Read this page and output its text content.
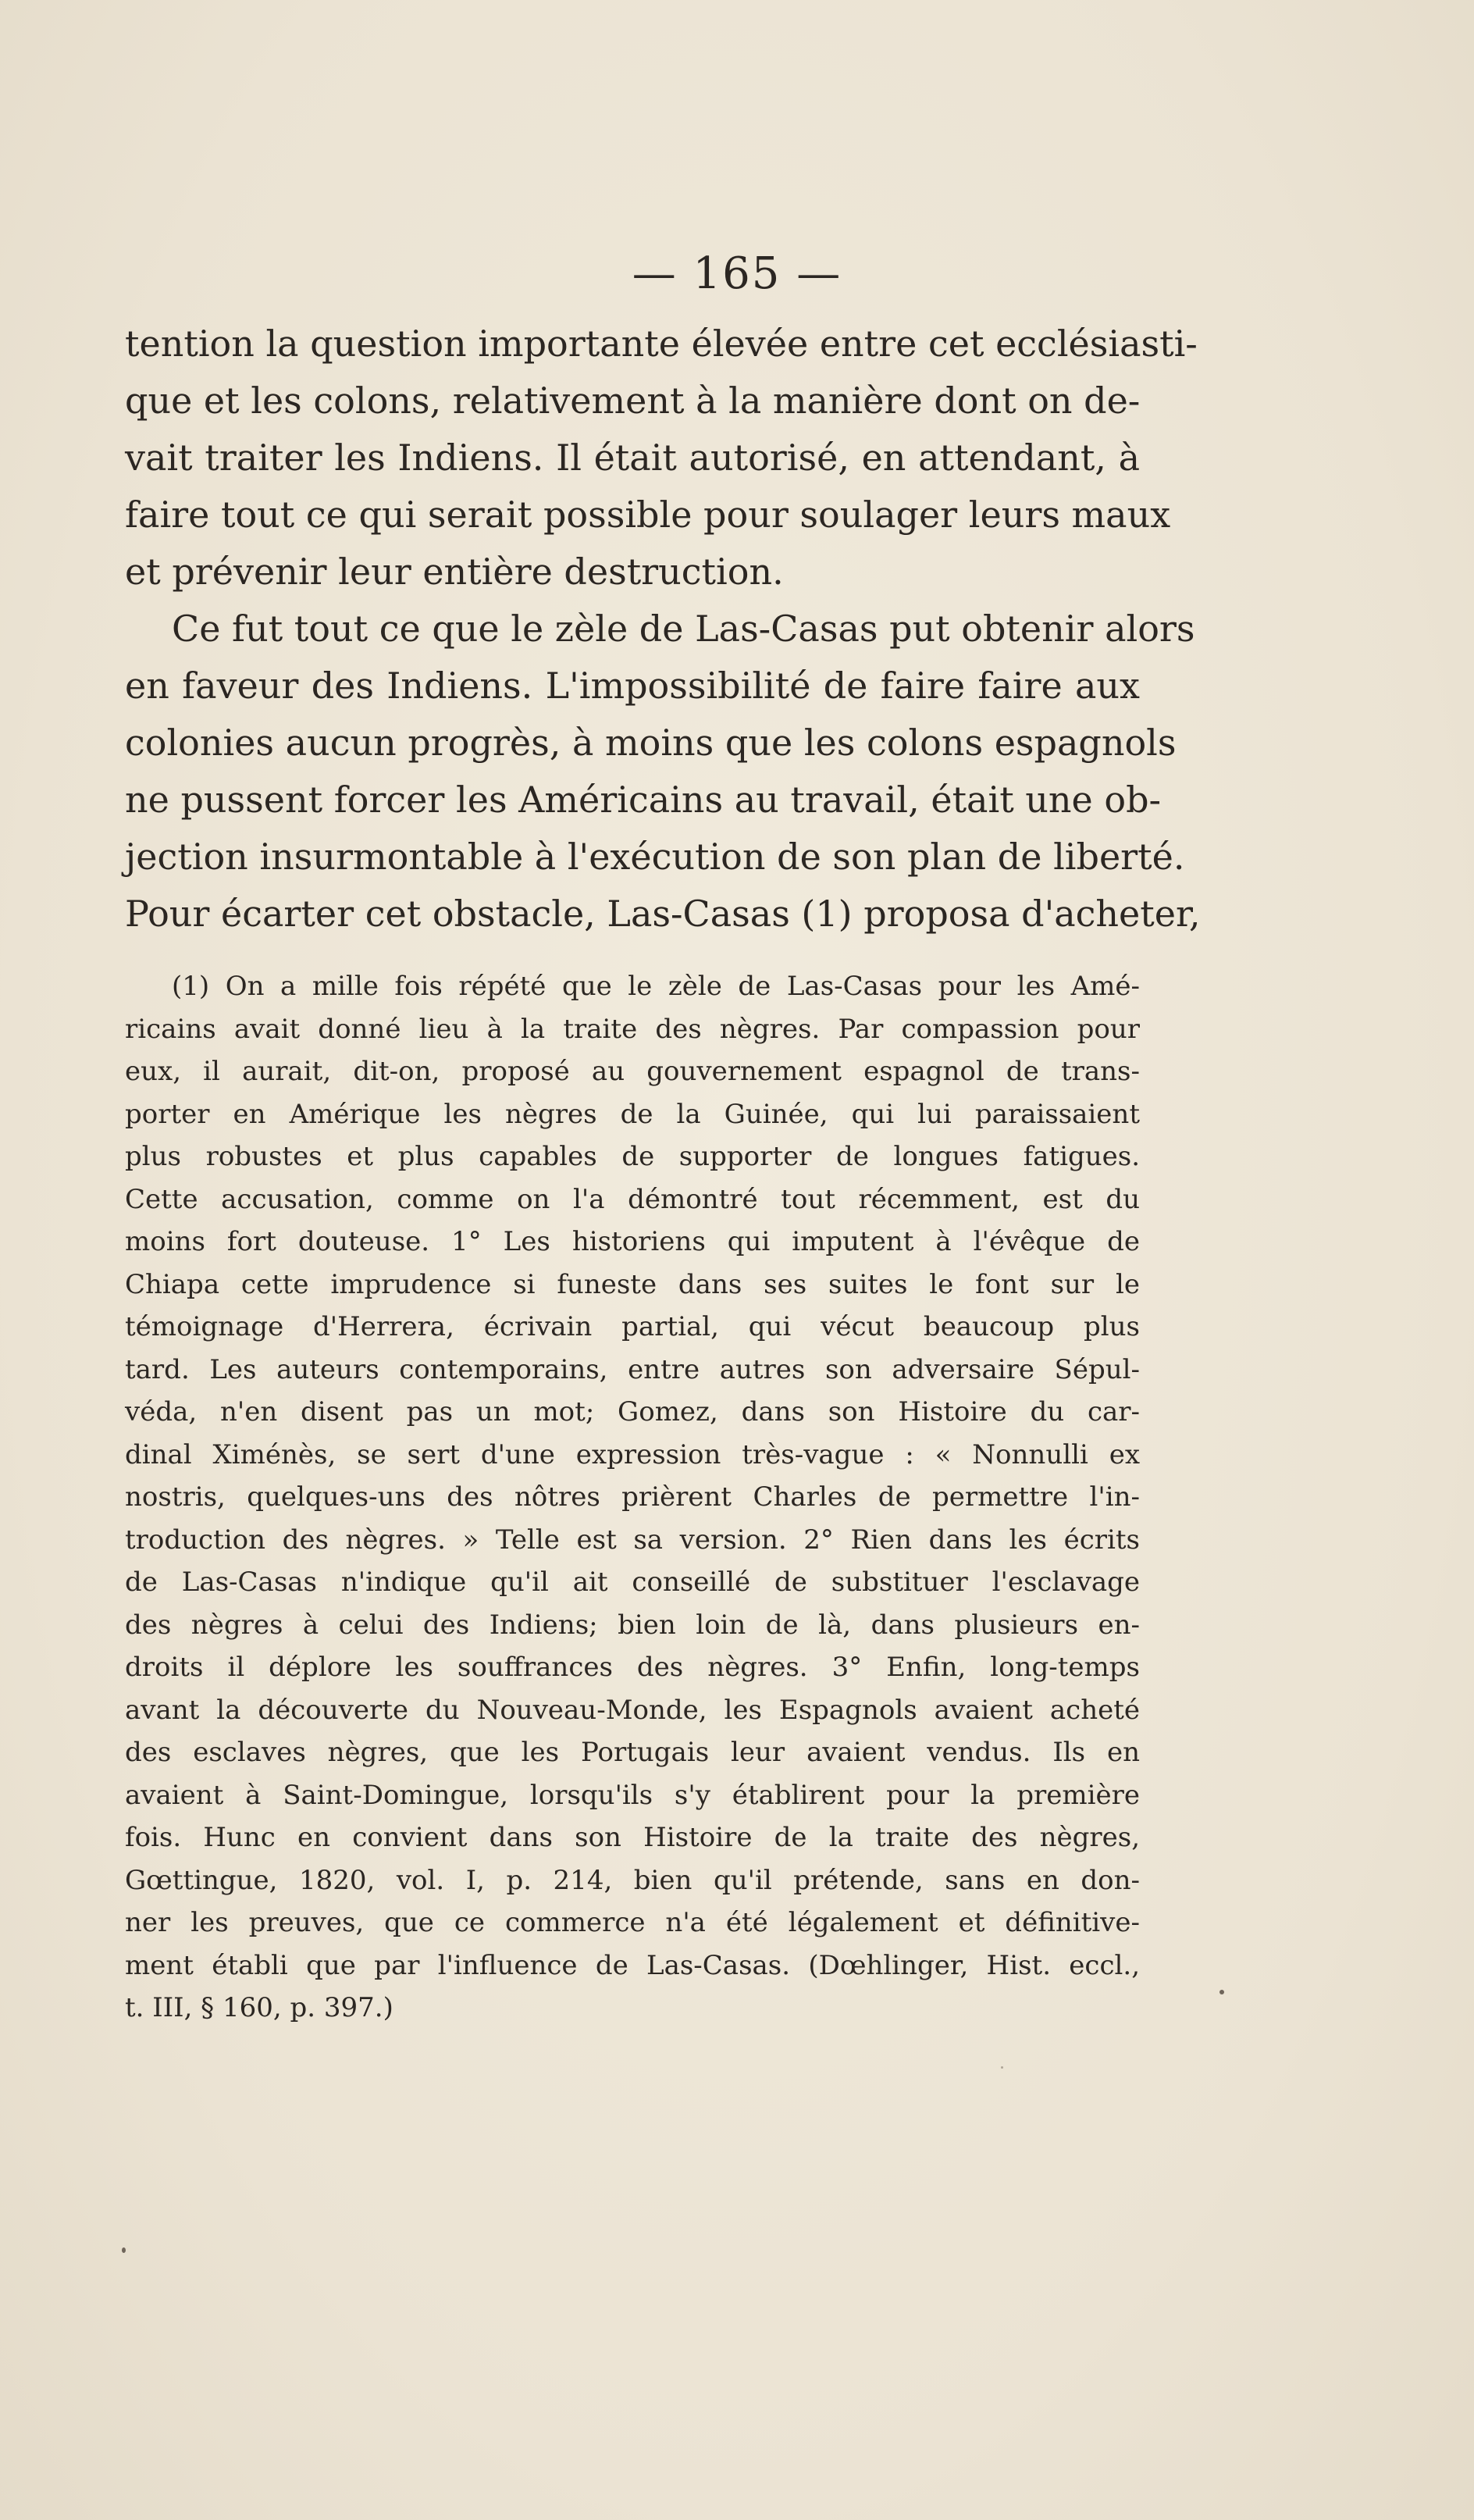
— 165 —
tention la question importante élevée entre cet ecclésiasti-
que et les colons, relativement à la manière dont on de-
vait traiter les Indiens. Il était autorisé, en attendant, à
faire tout ce qui serait possible pour soulager leurs maux
et prévenir leur entière destruction.
Ce fut tout ce que le zèle de Las-Casas put obtenir alors
en faveur des Indiens. L'impossibilité de faire faire aux
colonies aucun progrès, à moins que les colons espagnols
ne pussent forcer les Américains au travail, était une ob-
jection insurmontable à l'exécution de son plan de liberté.
Pour écarter cet obstacle, Las-Casas (1) proposa d'acheter,
(1) On a mille fois répété que le zèle de Las-Casas pour les Amé-
ricains avait donné lieu à la traite des nègres. Par compassion pour
eux, il aurait, dit-on, proposé au gouvernement espagnol de trans-
porter en Amérique les nègres de la Guinée, qui lui paraissaient
plus robustes et plus capables de supporter de longues fatigues.
Cette accusation, comme on l'a démontré tout récemment, est du
moins fort douteuse. 1° Les historiens qui imputent à l'évêque de
Chiapa cette imprudence si funeste dans ses suites le font sur le
témoignage d'Herrera, écrivain partial, qui vécut beaucoup plus
tard. Les auteurs contemporains, entre autres son adversaire Sépul-
véda, n'en disent pas un mot; Gomez, dans son Histoire du car-
dinal Ximénès, se sert d'une expression très-vague : « Nonnulli ex
nostris, quelques-uns des nôtres prièrent Charles de permettre l'in-
troduction des nègres. » Telle est sa version. 2° Rien dans les écrits
de Las-Casas n'indique qu'il ait conseillé de substituer l'esclavage
des nègres à celui des Indiens; bien loin de là, dans plusieurs en-
droits il déplore les souffrances des nègres. 3° Enfin, long-temps
avant la découverte du Nouveau-Monde, les Espagnols avaient acheté
des esclaves nègres, que les Portugais leur avaient vendus. Ils en
avaient à Saint-Domingue, lorsqu'ils s'y établirent pour la première
fois. Hunc en convient dans son Histoire de la traite des nègres,
Gœttingue, 1820, vol. I, p. 214, bien qu'il prétende, sans en don-
ner les preuves, que ce commerce n'a été légalement et définitive-
ment établi que par l'influence de Las-Casas. (Dœhlinger, Hist. eccl.,
t. III, § 160, p. 397.)
